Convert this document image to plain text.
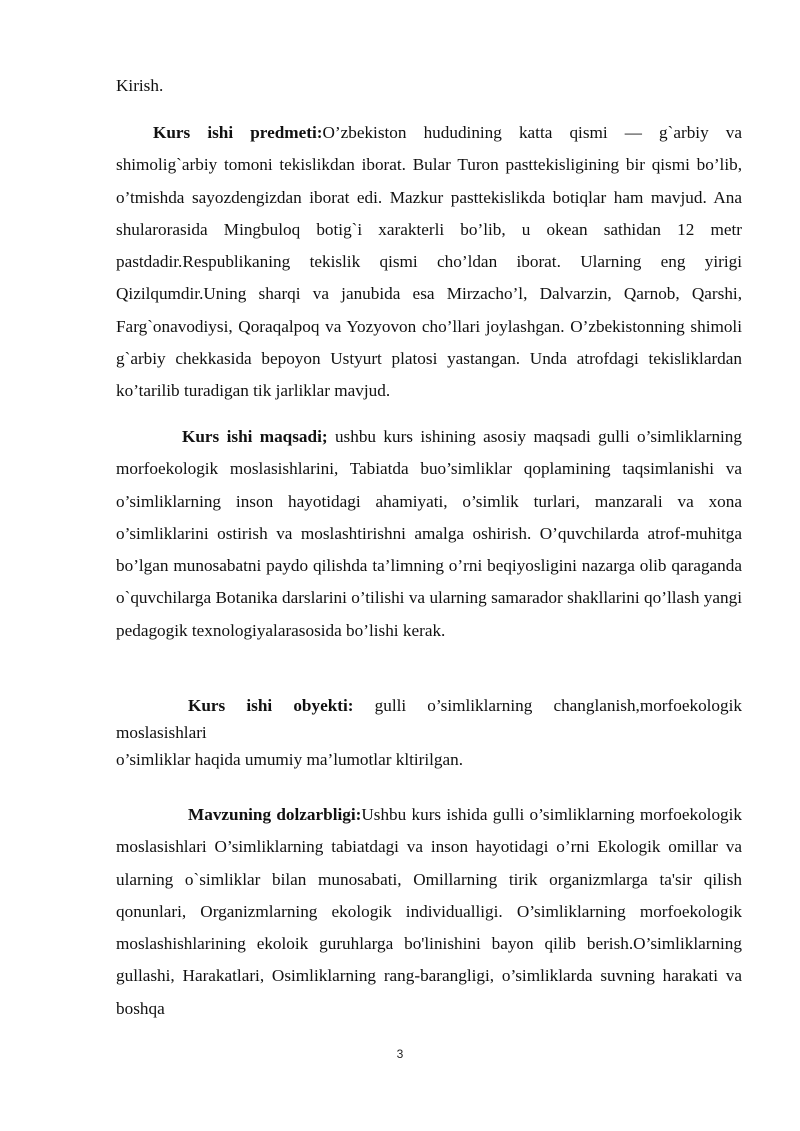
Kirish.
Kurs ishi predmeti:O’zbekiston hududining katta qismi — g`arbiy va shimolig`arbiy tomoni tekislikdan iborat. Bular Turon pasttekisligining bir qismi bo’lib, o’tmishda sayozdengizdan iborat edi. Mazkur pasttekislikda botiqlar ham mavjud. Ana shularorasida Mingbuloq botig`i xarakterli bo’lib, u okean sathidan 12 metr pastdadir.Respublikaning tekislik qismi cho’ldan iborat. Ularning eng yirigi Qizilqumdir.Uning sharqi va janubida esa Mirzacho’l, Dalvarzin, Qarnob, Qarshi, Farg`onavodiysi, Qoraqalpoq va Yozyovon cho’llari joylashgan. O’zbekistonning shimoli g`arbiy chekkasida bepoyon Ustyurt platosi yastangan. Unda atrofdagi tekisliklardan ko’tarilib turadigan tik jarliklar mavjud.
Kurs ishi maqsadi; ushbu kurs ishining asosiy maqsadi gulli o’simliklarning morfoekologik moslasishlarini, Tabiatda buo’simliklar qoplamining taqsimlanishi va o’simliklarning inson hayotidagi ahamiyati, o’simlik turlari, manzarali va xona o’simliklarini ostirish va moslashtirishni amalga oshirish. O’quvchilarda atrof-muhitga bo’lgan munosabatni paydo qilishda ta’limning o’rni beqiyosligini nazarga olib qaraganda o`quvchilarga Botanika darslarini o’tilishi va ularning samarador shakllarini qo’llash yangi pedagogik texnologiyalarasosida bo’lishi kerak.

Kurs ishi obyekti: gulli o’simliklarning changlanish,morfoekologik

moslasishlari

o’simliklar haqida umumiy ma’lumotlar kltirilgan.

Mavzuning dolzarbligi:Ushbu kurs ishida gulli o’simliklarning morfoekologik moslasishlari O’simliklarning tabiatdagi va inson hayotidagi o’rni Ekologik omillar va ularning o`simliklar bilan munosabati, Omillarning tirik organizmlarga ta'sir qilish qonunlari, Organizmlarning ekologik individualligi. O’simliklarning morfoekologik moslashishlarining ekoloik guruhlarga bo'linishini bayon qilib berish.O’simliklarning gullashi, Harakatlari, Osimliklarning rang-barangligi, o’simliklarda suvning harakati va boshqa
3
